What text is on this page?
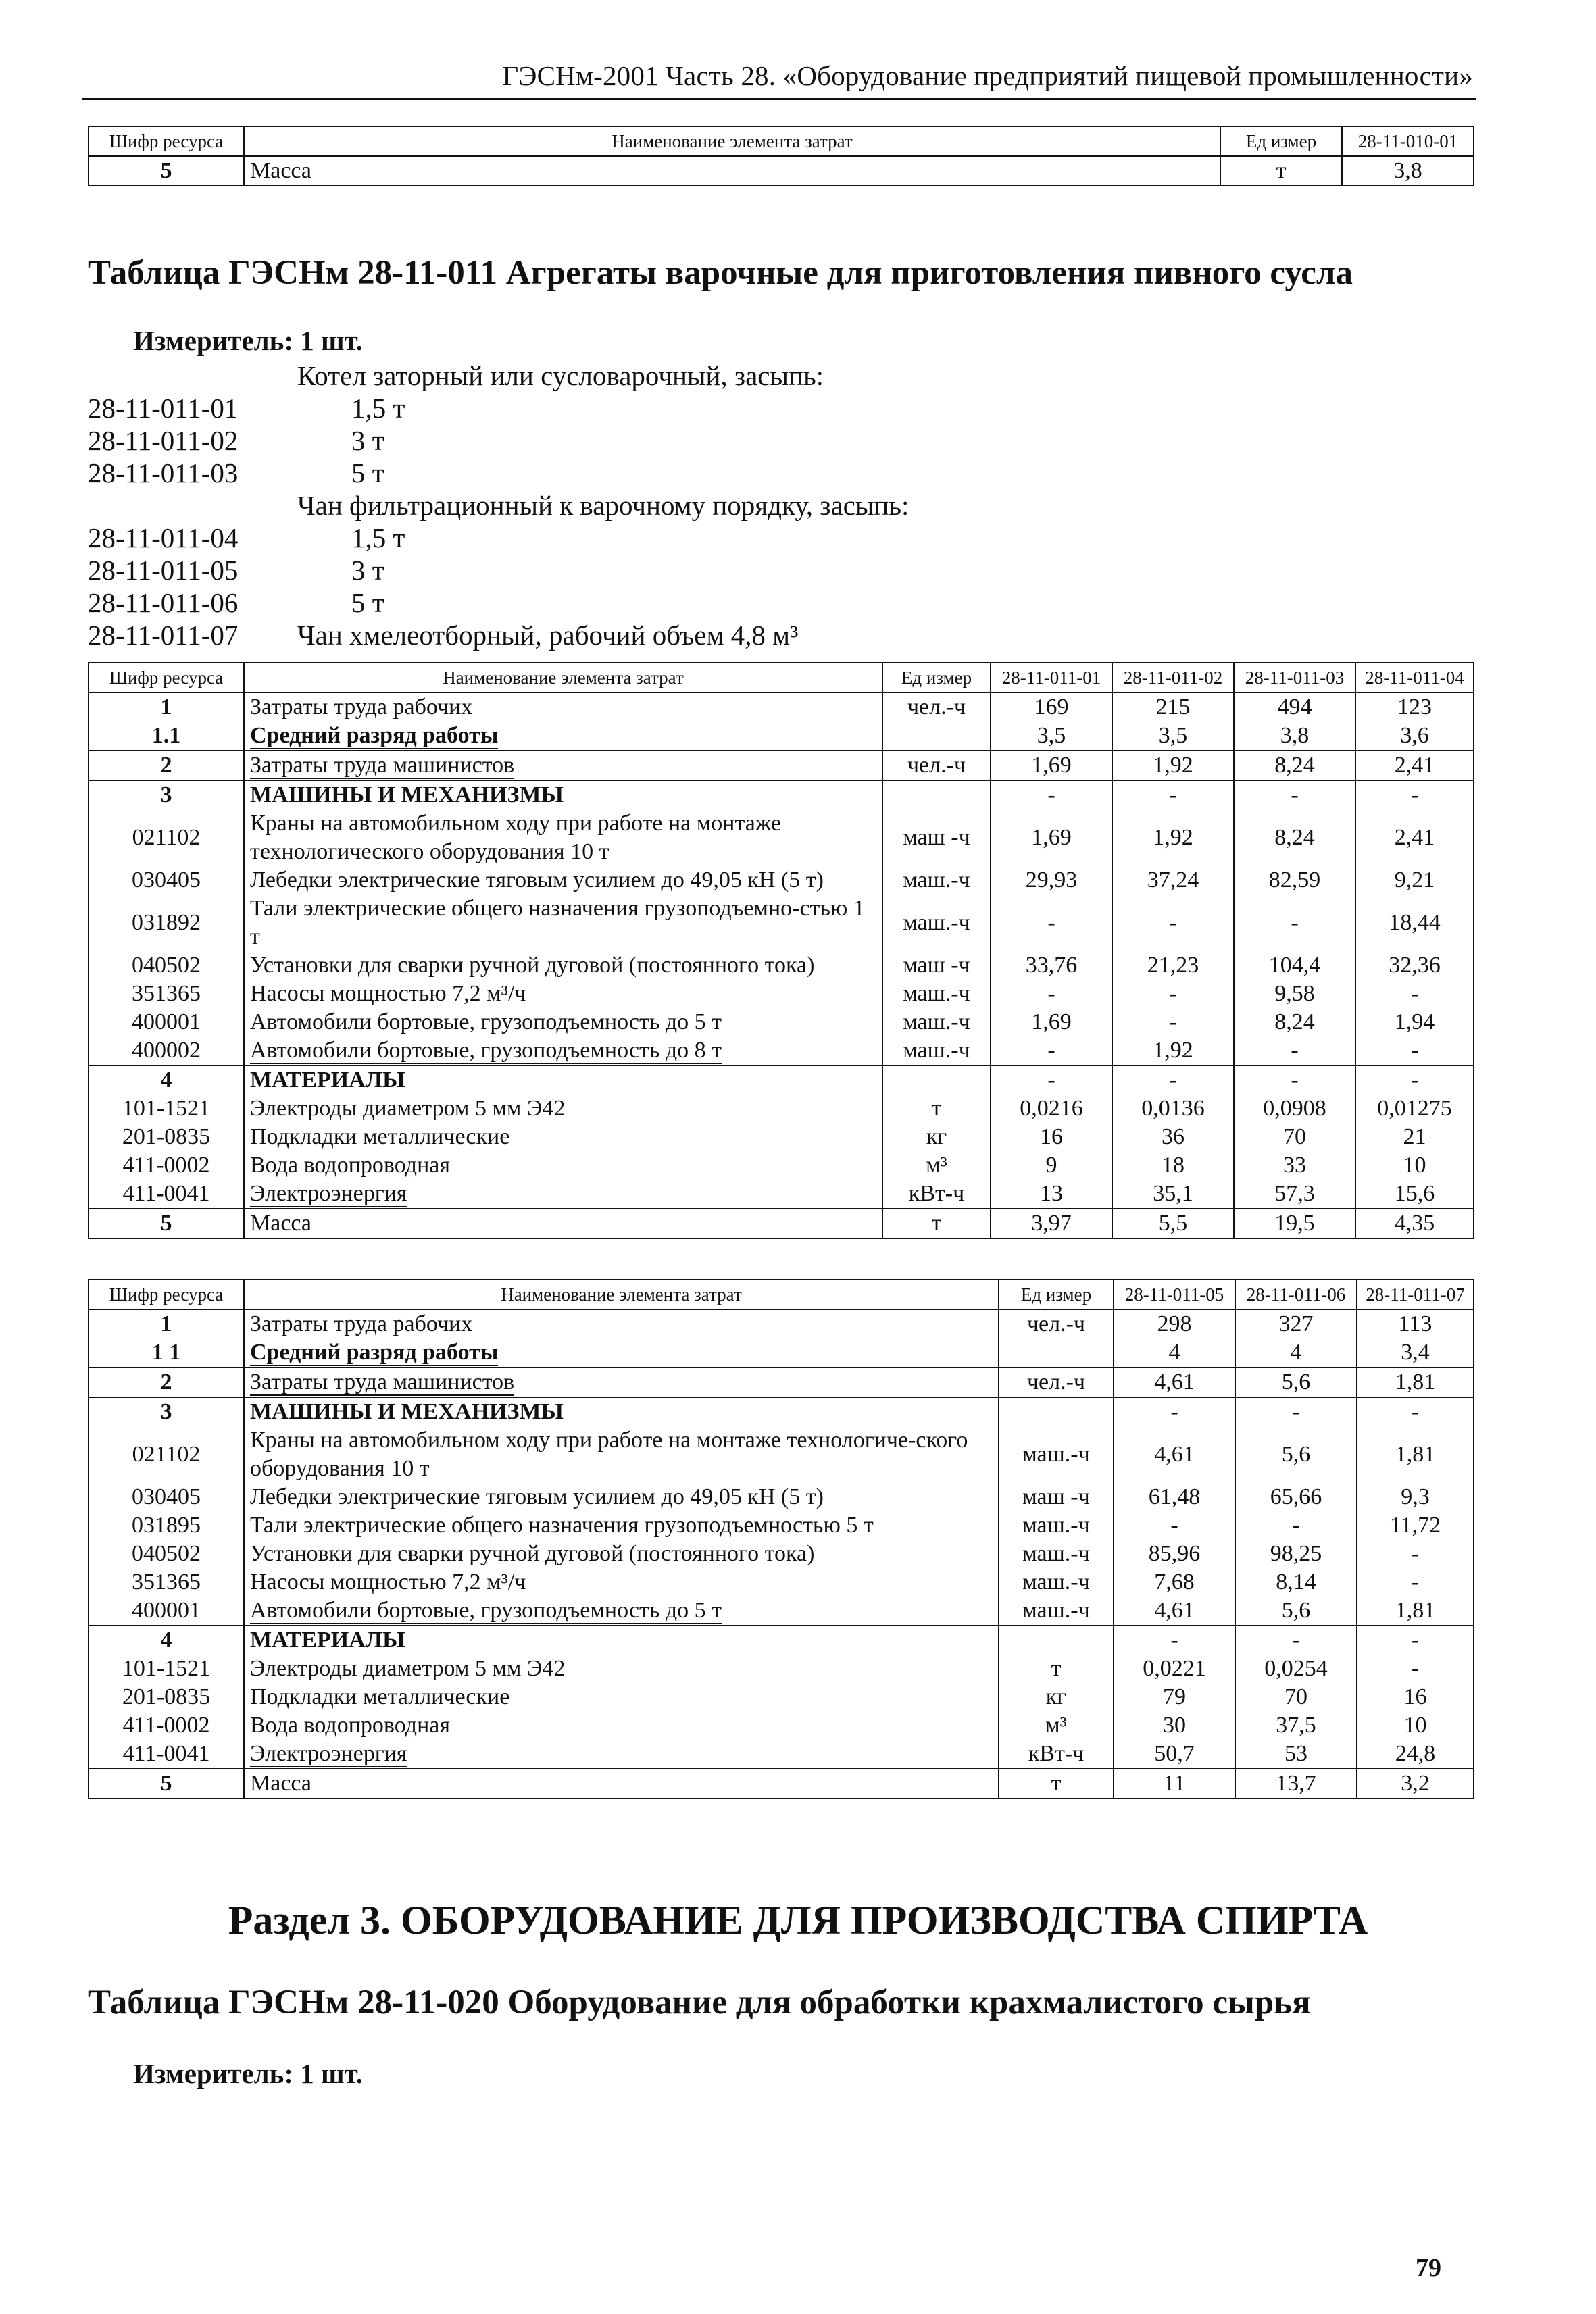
ГЭСНм-2001 Часть 28. «Оборудование предприятий пищевой промышленности»
Шифр ресурса	Наименование элемента затрат	Ед измер	28-11-010-01
5	Масса	т	3,8
Таблица ГЭСНм 28-11-011 Агрегаты варочные для приготовления пивного сусла
Измеритель: 1 шт.
Котел заторный или сусловарочный, засыпь:
28-11-011-01	1,5 т
28-11-011-02	3 т
28-11-011-03	5 т
Чан фильтрационный к варочному порядку, засыпь:
28-11-011-04	1,5 т
28-11-011-05	3 т
28-11-011-06	5 т
28-11-011-07 Чан хмелеотборный, рабочий объем 4,8 м³
Шифр ресурса	Наименование элемента затрат	Ед измер	28-11-011-01	28-11-011-02	28-11-011-03	28-11-011-04
1	Затраты труда рабочих	чел.-ч	169	215	494	123
1.1	Средний разряд работы		3,5	3,5	3,8	3,6
2	Затраты труда машинистов	чел.-ч	1,69	1,92	8,24	2,41
3	МАШИНЫ И МЕХАНИЗМЫ		-	-	-	-
021102	Краны на автомобильном ходу при работе на монтаже технологического оборудования 10 т	маш -ч	1,69	1,92	8,24	2,41
030405	Лебедки электрические тяговым усилием до 49,05 кН (5 т)	маш.-ч	29,93	37,24	82,59	9,21
031892	Тали электрические общего назначения грузоподъемно-стью 1 т	маш.-ч	-	-	-	18,44
040502	Установки для сварки ручной дуговой (постоянного тока)	маш -ч	33,76	21,23	104,4	32,36
351365	Насосы мощностью 7,2 м³/ч	маш.-ч	-	-	9,58	-
400001	Автомобили бортовые, грузоподъемность до 5 т	маш.-ч	1,69	-	8,24	1,94
400002	Автомобили бортовые, грузоподъемность до 8 т	маш.-ч	-	1,92	-	-
4	МАТЕРИАЛЫ		-	-	-	-
101-1521	Электроды диаметром 5 мм Э42	т	0,0216	0,0136	0,0908	0,01275
201-0835	Подкладки металлические	кг	16	36	70	21
411-0002	Вода водопроводная	м³	9	18	33	10
411-0041	Электроэнергия	кВт-ч	13	35,1	57,3	15,6
5	Масса	т	3,97	5,5	19,5	4,35
Шифр ресурса	Наименование элемента затрат	Ед измер	28-11-011-05	28-11-011-06	28-11-011-07
1	Затраты труда рабочих	чел.-ч	298	327	113
1 1	Средний разряд работы		4	4	3,4
2	Затраты труда машинистов	чел.-ч	4,61	5,6	1,81
3	МАШИНЫ И МЕХАНИЗМЫ		-	-	-
021102	Краны на автомобильном ходу при работе на монтаже технологиче-ского оборудования 10 т	маш.-ч	4,61	5,6	1,81
030405	Лебедки электрические тяговым усилием до 49,05 кН (5 т)	маш -ч	61,48	65,66	9,3
031895	Тали электрические общего назначения грузоподъемностью 5 т	маш.-ч	-	-	11,72
040502	Установки для сварки ручной дуговой (постоянного тока)	маш.-ч	85,96	98,25	-
351365	Насосы мощностью 7,2 м³/ч	маш.-ч	7,68	8,14	-
400001	Автомобили бортовые, грузоподъемность до 5 т	маш.-ч	4,61	5,6	1,81
4	МАТЕРИАЛЫ		-	-	-
101-1521	Электроды диаметром 5 мм Э42	т	0,0221	0,0254	-
201-0835	Подкладки металлические	кг	79	70	16
411-0002	Вода водопроводная	м³	30	37,5	10
411-0041	Электроэнергия	кВт-ч	50,7	53	24,8
5	Масса	т	11	13,7	3,2
Раздел 3. ОБОРУДОВАНИЕ ДЛЯ ПРОИЗВОДСТВА СПИРТА
Таблица ГЭСНм 28-11-020 Оборудование для обработки крахмалистого сырья
Измеритель: 1 шт.
79
